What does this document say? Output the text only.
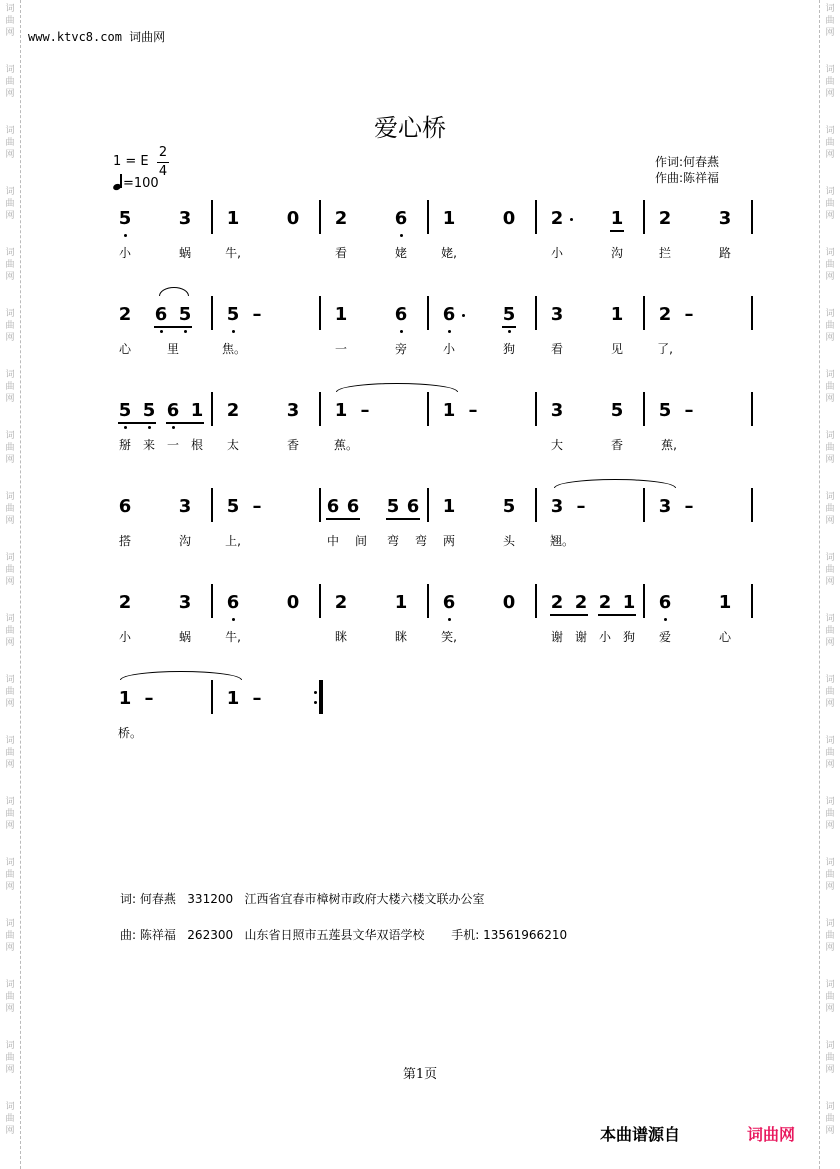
词
曲
网
词
曲
网
词
曲
网
词
曲
网
词
曲
网
词
曲
网
词
曲
网
词
曲
网
词
曲
网
词
曲
网
词
曲
网
词
曲
网
词
曲
网
词
曲
网
词
曲
网
词
曲
网
词
曲
网
词
曲
网
词
曲
网
词
曲
网
词
曲
网
词
曲
网
词
曲
网
词
曲
网
词
曲
网
词
曲
网
词
曲
网
词
曲
网
词
曲
网
词
曲
网
词
曲
网
词
曲
网
词
曲
网
词
曲
网
词
曲
网
词
曲
网
词
曲
网
词
曲
网
www.ktvc8.com 词曲网
爱心桥
1 = E
2
4
=100
作词:何春燕
作曲:陈祥福
5	3 1	0 2	6 1	0 2	1 2	3
小	蜗	牛,	看	姥	姥,	小	沟	拦	路
2 6 5 5 –	1	6 6	5 3	1 2 –
心	里	焦。	一	旁	小	狗	看	见	了,
5 5 6 1 2	3 1 –	1 –	3	5 5 –
掰 来 一 根	太	香	蕉。	大	香	蕉,
6	3 5 –	6 6 5 6 1	5 3 –	3 –
搭	沟	上,	中	间	弯	弯	两	头	翘。
2	3 6	0 2	1 6	0 2 2 2 1 6	1
小	蜗	牛,	眯	眯	笑,	谢 谢 小 狗	爱	心
1 –	1 –
桥。
词: 何春燕   331200   江西省宜春市樟树市政府大楼六楼文联办公室
曲: 陈祥福   262300   山东省日照市五莲县文华双语学校       手机: 13561966210
第1页
本曲谱源自	词曲网
